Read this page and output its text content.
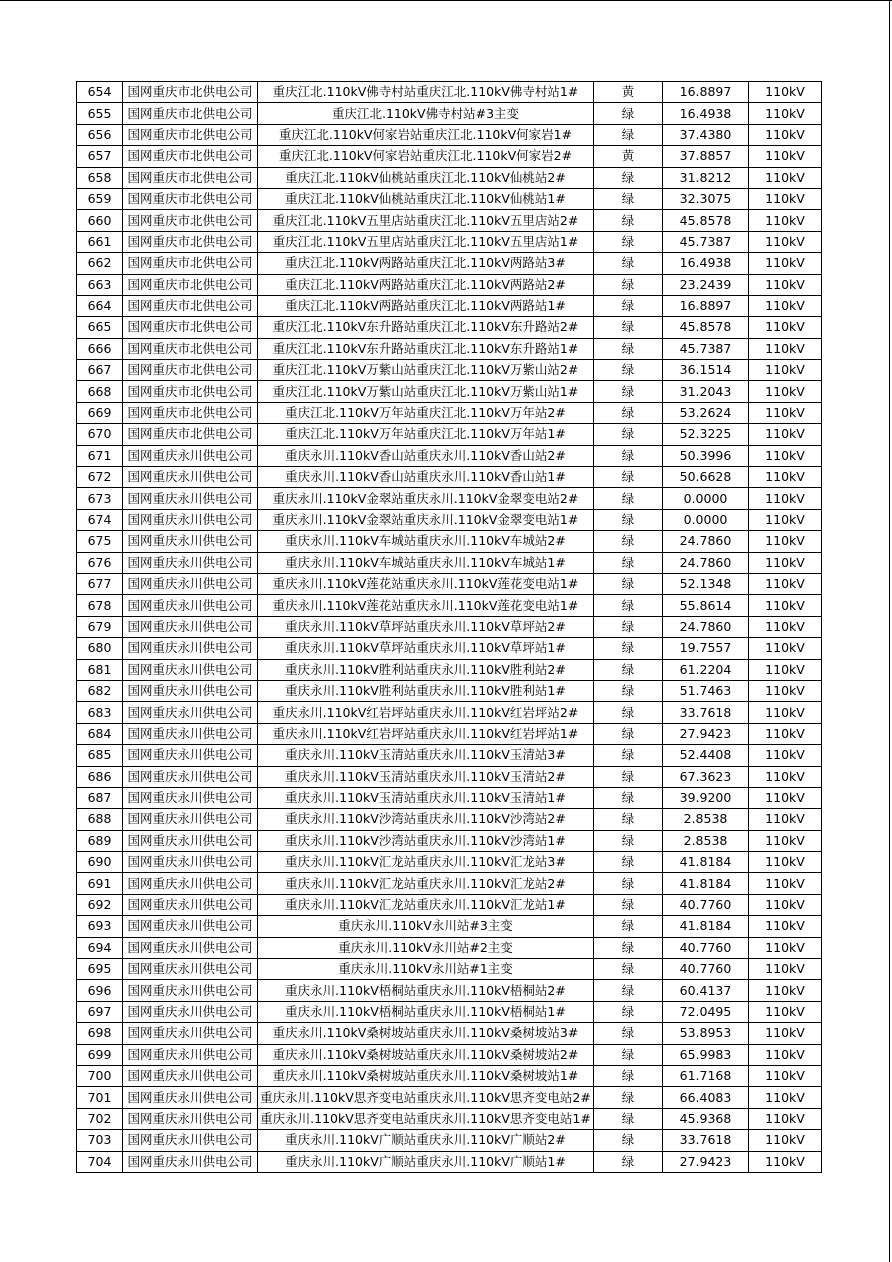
654	国网重庆市北供电公司	重庆江北.110kV佛寺村站重庆江北.110kV佛寺村站1#	黄	16.8897	110kV
655	国网重庆市北供电公司	重庆江北.110kV佛寺村站#3主变	绿	16.4938	110kV
656	国网重庆市北供电公司	重庆江北.110kV何家岩站重庆江北.110kV何家岩1#	绿	37.4380	110kV
657	国网重庆市北供电公司	重庆江北.110kV何家岩站重庆江北.110kV何家岩2#	黄	37.8857	110kV
658	国网重庆市北供电公司	重庆江北.110kV仙桃站重庆江北.110kV仙桃站2#	绿	31.8212	110kV
659	国网重庆市北供电公司	重庆江北.110kV仙桃站重庆江北.110kV仙桃站1#	绿	32.3075	110kV
660	国网重庆市北供电公司	重庆江北.110kV五里店站重庆江北.110kV五里店站2#	绿	45.8578	110kV
661	国网重庆市北供电公司	重庆江北.110kV五里店站重庆江北.110kV五里店站1#	绿	45.7387	110kV
662	国网重庆市北供电公司	重庆江北.110kV两路站重庆江北.110kV两路站3#	绿	16.4938	110kV
663	国网重庆市北供电公司	重庆江北.110kV两路站重庆江北.110kV两路站2#	绿	23.2439	110kV
664	国网重庆市北供电公司	重庆江北.110kV两路站重庆江北.110kV两路站1#	绿	16.8897	110kV
665	国网重庆市北供电公司	重庆江北.110kV东升路站重庆江北.110kV东升路站2#	绿	45.8578	110kV
666	国网重庆市北供电公司	重庆江北.110kV东升路站重庆江北.110kV东升路站1#	绿	45.7387	110kV
667	国网重庆市北供电公司	重庆江北.110kV万紫山站重庆江北.110kV万紫山站2#	绿	36.1514	110kV
668	国网重庆市北供电公司	重庆江北.110kV万紫山站重庆江北.110kV万紫山站1#	绿	31.2043	110kV
669	国网重庆市北供电公司	重庆江北.110kV万年站重庆江北.110kV万年站2#	绿	53.2624	110kV
670	国网重庆市北供电公司	重庆江北.110kV万年站重庆江北.110kV万年站1#	绿	52.3225	110kV
671	国网重庆永川供电公司	重庆永川.110kV香山站重庆永川.110kV香山站2#	绿	50.3996	110kV
672	国网重庆永川供电公司	重庆永川.110kV香山站重庆永川.110kV香山站1#	绿	50.6628	110kV
673	国网重庆永川供电公司	重庆永川.110kV金翠站重庆永川.110kV金翠变电站2#	绿	0.0000	110kV
674	国网重庆永川供电公司	重庆永川.110kV金翠站重庆永川.110kV金翠变电站1#	绿	0.0000	110kV
675	国网重庆永川供电公司	重庆永川.110kV车城站重庆永川.110kV车城站2#	绿	24.7860	110kV
676	国网重庆永川供电公司	重庆永川.110kV车城站重庆永川.110kV车城站1#	绿	24.7860	110kV
677	国网重庆永川供电公司	重庆永川.110kV莲花站重庆永川.110kV莲花变电站1#	绿	52.1348	110kV
678	国网重庆永川供电公司	重庆永川.110kV莲花站重庆永川.110kV莲花变电站1#	绿	55.8614	110kV
679	国网重庆永川供电公司	重庆永川.110kV草坪站重庆永川.110kV草坪站2#	绿	24.7860	110kV
680	国网重庆永川供电公司	重庆永川.110kV草坪站重庆永川.110kV草坪站1#	绿	19.7557	110kV
681	国网重庆永川供电公司	重庆永川.110kV胜利站重庆永川.110kV胜利站2#	绿	61.2204	110kV
682	国网重庆永川供电公司	重庆永川.110kV胜利站重庆永川.110kV胜利站1#	绿	51.7463	110kV
683	国网重庆永川供电公司	重庆永川.110kV红岩坪站重庆永川.110kV红岩坪站2#	绿	33.7618	110kV
684	国网重庆永川供电公司	重庆永川.110kV红岩坪站重庆永川.110kV红岩坪站1#	绿	27.9423	110kV
685	国网重庆永川供电公司	重庆永川.110kV玉清站重庆永川.110kV玉清站3#	绿	52.4408	110kV
686	国网重庆永川供电公司	重庆永川.110kV玉清站重庆永川.110kV玉清站2#	绿	67.3623	110kV
687	国网重庆永川供电公司	重庆永川.110kV玉清站重庆永川.110kV玉清站1#	绿	39.9200	110kV
688	国网重庆永川供电公司	重庆永川.110kV沙湾站重庆永川.110kV沙湾站2#	绿	2.8538	110kV
689	国网重庆永川供电公司	重庆永川.110kV沙湾站重庆永川.110kV沙湾站1#	绿	2.8538	110kV
690	国网重庆永川供电公司	重庆永川.110kV汇龙站重庆永川.110kV汇龙站3#	绿	41.8184	110kV
691	国网重庆永川供电公司	重庆永川.110kV汇龙站重庆永川.110kV汇龙站2#	绿	41.8184	110kV
692	国网重庆永川供电公司	重庆永川.110kV汇龙站重庆永川.110kV汇龙站1#	绿	40.7760	110kV
693	国网重庆永川供电公司	重庆永川.110kV永川站#3主变	绿	41.8184	110kV
694	国网重庆永川供电公司	重庆永川.110kV永川站#2主变	绿	40.7760	110kV
695	国网重庆永川供电公司	重庆永川.110kV永川站#1主变	绿	40.7760	110kV
696	国网重庆永川供电公司	重庆永川.110kV梧桐站重庆永川.110kV梧桐站2#	绿	60.4137	110kV
697	国网重庆永川供电公司	重庆永川.110kV梧桐站重庆永川.110kV梧桐站1#	绿	72.0495	110kV
698	国网重庆永川供电公司	重庆永川.110kV桑树坡站重庆永川.110kV桑树坡站3#	绿	53.8953	110kV
699	国网重庆永川供电公司	重庆永川.110kV桑树坡站重庆永川.110kV桑树坡站2#	绿	65.9983	110kV
700	国网重庆永川供电公司	重庆永川.110kV桑树坡站重庆永川.110kV桑树坡站1#	绿	61.7168	110kV
701	国网重庆永川供电公司	重庆永川.110kV思齐变电站重庆永川.110kV思齐变电站2#	绿	66.4083	110kV
702	国网重庆永川供电公司	重庆永川.110kV思齐变电站重庆永川.110kV思齐变电站1#	绿	45.9368	110kV
703	国网重庆永川供电公司	重庆永川.110kV广顺站重庆永川.110kV广顺站2#	绿	33.7618	110kV
704	国网重庆永川供电公司	重庆永川.110kV广顺站重庆永川.110kV广顺站1#	绿	27.9423	110kV
